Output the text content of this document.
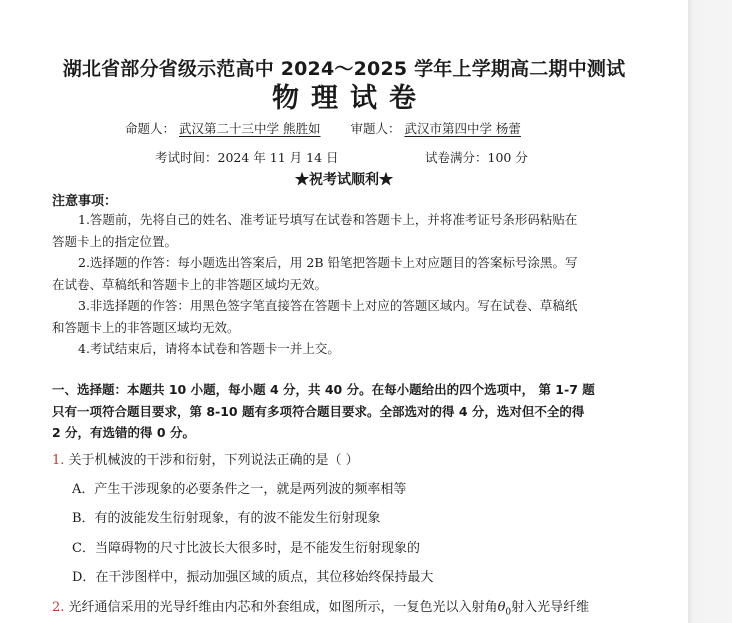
湖北省部分省级示范高中 2024～2025 学年上学期高二期中测试
物理试卷
命题人： 武汉第二十三中学 熊胜如 审题人： 武汉市第四中学 杨蕾
考试时间：2024 年 11 月 14 日	试卷满分：100 分
★祝考试顺利★
注意事项：
1.答题前，先将自己的姓名、准考证号填写在试卷和答题卡上，并将准考证号条形码粘贴在
答题卡上的指定位置。
2.选择题的作答：每小题选出答案后，用 2B 铅笔把答题卡上对应题目的答案标号涂黑。写
在试卷、草稿纸和答题卡上的非答题区域均无效。
3.非选择题的作答：用黑色签字笔直接答在答题卡上对应的答题区域内。写在试卷、草稿纸
和答题卡上的非答题区域均无效。
4.考试结束后，请将本试卷和答题卡一并上交。
一、选择题：本题共 10 小题，每小题 4 分，共 40 分。在每小题给出的四个选项中， 第 1-7 题
只有一项符合题目要求，第 8-10 题有多项符合题目要求。全部选对的得 4 分，选对但不全的得
2 分，有选错的得 0 分。
1. 关于机械波的干涉和衍射，下列说法正确的是（ ）
A．产生干涉现象的必要条件之一，就是两列波的频率相等
B．有的波能发生衍射现象，有的波不能发生衍射现象
C．当障碍物的尺寸比波长大很多时，是不能发生衍射现象的
D．在干涉图样中，振动加强区域的质点，其位移始终保持最大
2. 光纤通信采用的光导纤维由内芯和外套组成，如图所示，一复色光以入射角$\theta_0$射入光导纤维
